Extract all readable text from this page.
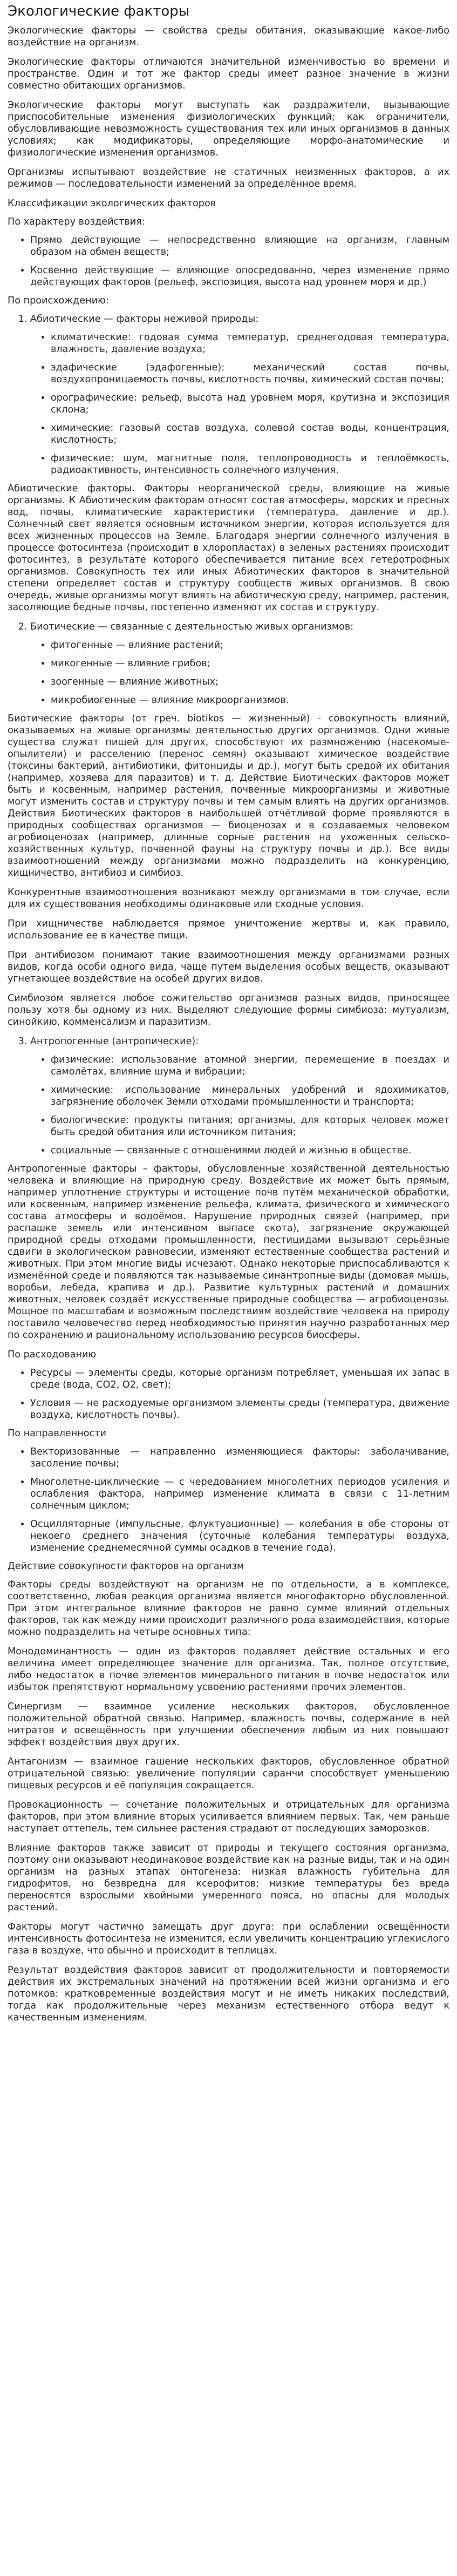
Экологические факторы
Экологические факторы — свойства среды обитания, оказывающие какое-либо воздействие на организм.
Экологические факторы отличаются значительной изменчивостью во времени и пространстве. Один и тот же фактор среды имеет разное значение в жизни совместно обитающих организмов.
Экологические факторы могут выступать как раздражители, вызывающие приспособительные изменения физиологических функций; как ограничители, обусловливающие невозможность существования тех или иных организмов в данных условиях; как модификаторы, определяющие морфо-анатомические и физиологические изменения организмов.
Организмы испытывают воздействие не статичных неизменных факторов, а их режимов — последовательности изменений за определённое время.
Классификации экологических факторов
По характеру воздействия:
• Прямо действующие — непосредственно влияющие на организм, главным образом на обмен веществ;
• Косвенно действующие — влияющие опосредованно, через изменение прямо действующих факторов (рельеф, экспозиция, высота над уровнем моря и др.)
По происхождению:
1. Абиотические — факторы неживой природы:
• климатические: годовая сумма температур, среднегодовая температура, влажность, давление воздуха;
• эдафические (эдафогенные): механический состав почвы, воздухопроницаемость почвы, кислотность почвы, химический состав почвы;
• орографические: рельеф, высота над уровнем моря, крутизна и экспозиция склона;
• химические: газовый состав воздуха, солевой состав воды, концентрация, кислотность;
• физические: шум, магнитные поля, теплопроводность и теплоёмкость, радиоактивность, интенсивность солнечного излучения.
Абиотические факторы. Факторы неорганической среды, влияющие на живые организмы. К Абиотическим факторам относят состав атмосферы, морских и пресных вод, почвы, климатические характеристики (температура, давление и др.). Солнечный свет является основным источником энергии, которая используется для всех жизненных процессов на Земле. Благодаря энергии солнечного излучения в процессе фотосинтеза (происходит в хлоропластах) в зеленых растениях происходит фотосинтез, в результате которого обеспечивается питание всех гетеротрофных организмов. Совокупность тех или иных Абиотических факторов в значительной степени определяет состав и структуру сообществ живых организмов. В свою очередь, живые организмы могут влиять на абиотическую среду, например, растения, засоляющие бедные почвы, постепенно изменяют их состав и структуру.
2. Биотические — связанные с деятельностью живых организмов:
• фитогенные — влияние растений;
• микогенные — влияние грибов;
• зоогенные — влияние животных;
• микробиогенные — влияние микроорганизмов.
Биотические факторы (от греч. biotikos — жизненный) - совокупность влияний, оказываемых на живые организмы деятельностью других организмов. Одни живые существа служат пищей для других, способствуют их размножению (насекомые-опылители) и расселению (перенос семян) оказывают химическое воздействие (токсины бактерий, антибиотики, фитонциды и др.), могут быть средой их обитания (например, хозяева для паразитов) и т. д. Действие Биотических факторов может быть и косвенным, например растения, почвенные микроорганизмы и животные могут изменить состав и структуру почвы и тем самым влиять на других организмов. Действия Биотических факторов в наибольшей отчётливой форме проявляются в природных сообществах организмов — биоценозах и в создаваемых человеком агробиоценозах (например, длинные сорные растения на ухоженных сельско-хозяйственных культур, почвенной фауны на структуру почвы и др.). Все виды взаимоотношений между организмами можно подразделить на конкуренцию, хищничество, антибиоз и симбиоз.
Конкурентные взаимоотношения возникают между организмами в том случае, если для их существования необходимы одинаковые или сходные условия.
При хищничестве наблюдается прямое уничтожение жертвы и, как правило, использование ее в качестве пищи.
При антибиозом понимают такие взаимоотношения между организмами разных видов, когда особи одного вида, чаще путем выделения особых веществ, оказывают угнетающее воздействие на особей других видов.
Симбиозом является любое сожительство организмов разных видов, приносящее пользу хотя бы одному из них. Выделяют следующие формы симбиоза: мутуализм, синойкию, комменсализм и паразитизм.
3. Антропогенные (антропические):
• физические: использование атомной энергии, перемещение в поездах и самолётах, влияние шума и вибрации;
• химические: использование минеральных удобрений и ядохимикатов, загрязнение оболочек Земли отходами промышленности и транспорта;
• биологические: продукты питания; организмы, для которых человек может быть средой обитания или источником питания;
• социальные — связанные с отношениями людей и жизнью в обществе.
Антропогенные факторы – факторы, обусловленные хозяйственной деятельностью человека и влияющие на природную среду. Воздействие их может быть прямым, например уплотнение структуры и истощение почв путём механической обработки, или косвенным, например изменение рельефа, климата, физического и химического состава атмосферы и водоёмов. Нарушение природных связей (например, при распашке земель или интенсивном выпасе скота), загрязнение окружающей природной среды отходами промышленности, пестицидами вызывают серьёзные сдвиги в экологическом равновесии, изменяют естественные сообщества растений и животных. При этом многие виды исчезают. Однако некоторые приспосабливаются к изменённой среде и появляются так называемые синантропные виды (домовая мышь, воробьи, лебеда, крапива и др.). Развитие культурных растений и домашних животных, человек создаёт искусственные природные сообщества — агробиоценозы. Мощное по масштабам и возможным последствиям воздействие человека на природу поставило человечество перед необходимостью принятия научно разработанных мер по сохранению и рациональному использованию ресурсов биосферы.
По расходованию
• Ресурсы — элементы среды, которые организм потребляет, уменьшая их запас в среде (вода, CO2, O2, свет);
• Условия — не расходуемые организмом элементы среды (температура, движение воздуха, кислотность почвы).
По направленности
• Векторизованные — направленно изменяющиеся факторы: заболачивание, засоление почвы;
• Многолетне-циклические — с чередованием многолетних периодов усиления и ослабления фактора, например изменение климата в связи с 11-летним солнечным циклом;
• Осцилляторные (импульсные, флуктуационные) — колебания в обе стороны от некоего среднего значения (суточные колебания температуры воздуха, изменение среднемесячной суммы осадков в течение года).
Действие совокупности факторов на организм
Факторы среды воздействуют на организм не по отдельности, а в комплексе, соответственно, любая реакция организма является многофакторно обусловленной. При этом интегральное влияние факторов не равно сумме влияний отдельных факторов, так как между ними происходит различного рода взаимодействия, которые можно подразделить на четыре основных типа:
Монодоминантность — один из факторов подавляет действие остальных и его величина имеет определяющее значение для организма. Так, полное отсутствие, либо недостаток в почве элементов минерального питания в почве недостаток или избыток препятствуют нормальному усвоению растениями прочих элементов.
Синергизм — взаимное усиление нескольких факторов, обусловленное положительной обратной связью. Например, влажность почвы, содержание в ней нитратов и освещённость при улучшении обеспечения любым из них повышают эффект воздействия двух других.
Антагонизм — взаимное гашение нескольких факторов, обусловленное обратной отрицательной связью: увеличение популяции саранчи способствует уменьшению пищевых ресурсов и её популяция сокращается.
Провокационность — сочетание положительных и отрицательных для организма факторов, при этом влияние вторых усиливается влиянием первых. Так, чем раньше наступает оттепель, тем сильнее растения страдают от последующих заморозков.
Влияние факторов также зависит от природы и текущего состояния организма, поэтому они оказывают неодинаковое воздействие как на разные виды, так и на один организм на разных этапах онтогенеза: низкая влажность губительна для гидрофитов, но безвредна для ксерофитов; низкие температуры без вреда переносятся взрослыми хвойными умеренного пояса, но опасны для молодых растений.
Факторы могут частично замещать друг друга: при ослаблении освещённости интенсивность фотосинтеза не изменится, если увеличить концентрацию углекислого газа в воздухе, что обычно и происходит в теплицах.
Результат воздействия факторов зависит от продолжительности и повторяемости действия их экстремальных значений на протяжении всей жизни организма и его потомков: кратковременные воздействия могут и не иметь никаких последствий, тогда как продолжительные через механизм естественного отбора ведут к качественным изменениям.
